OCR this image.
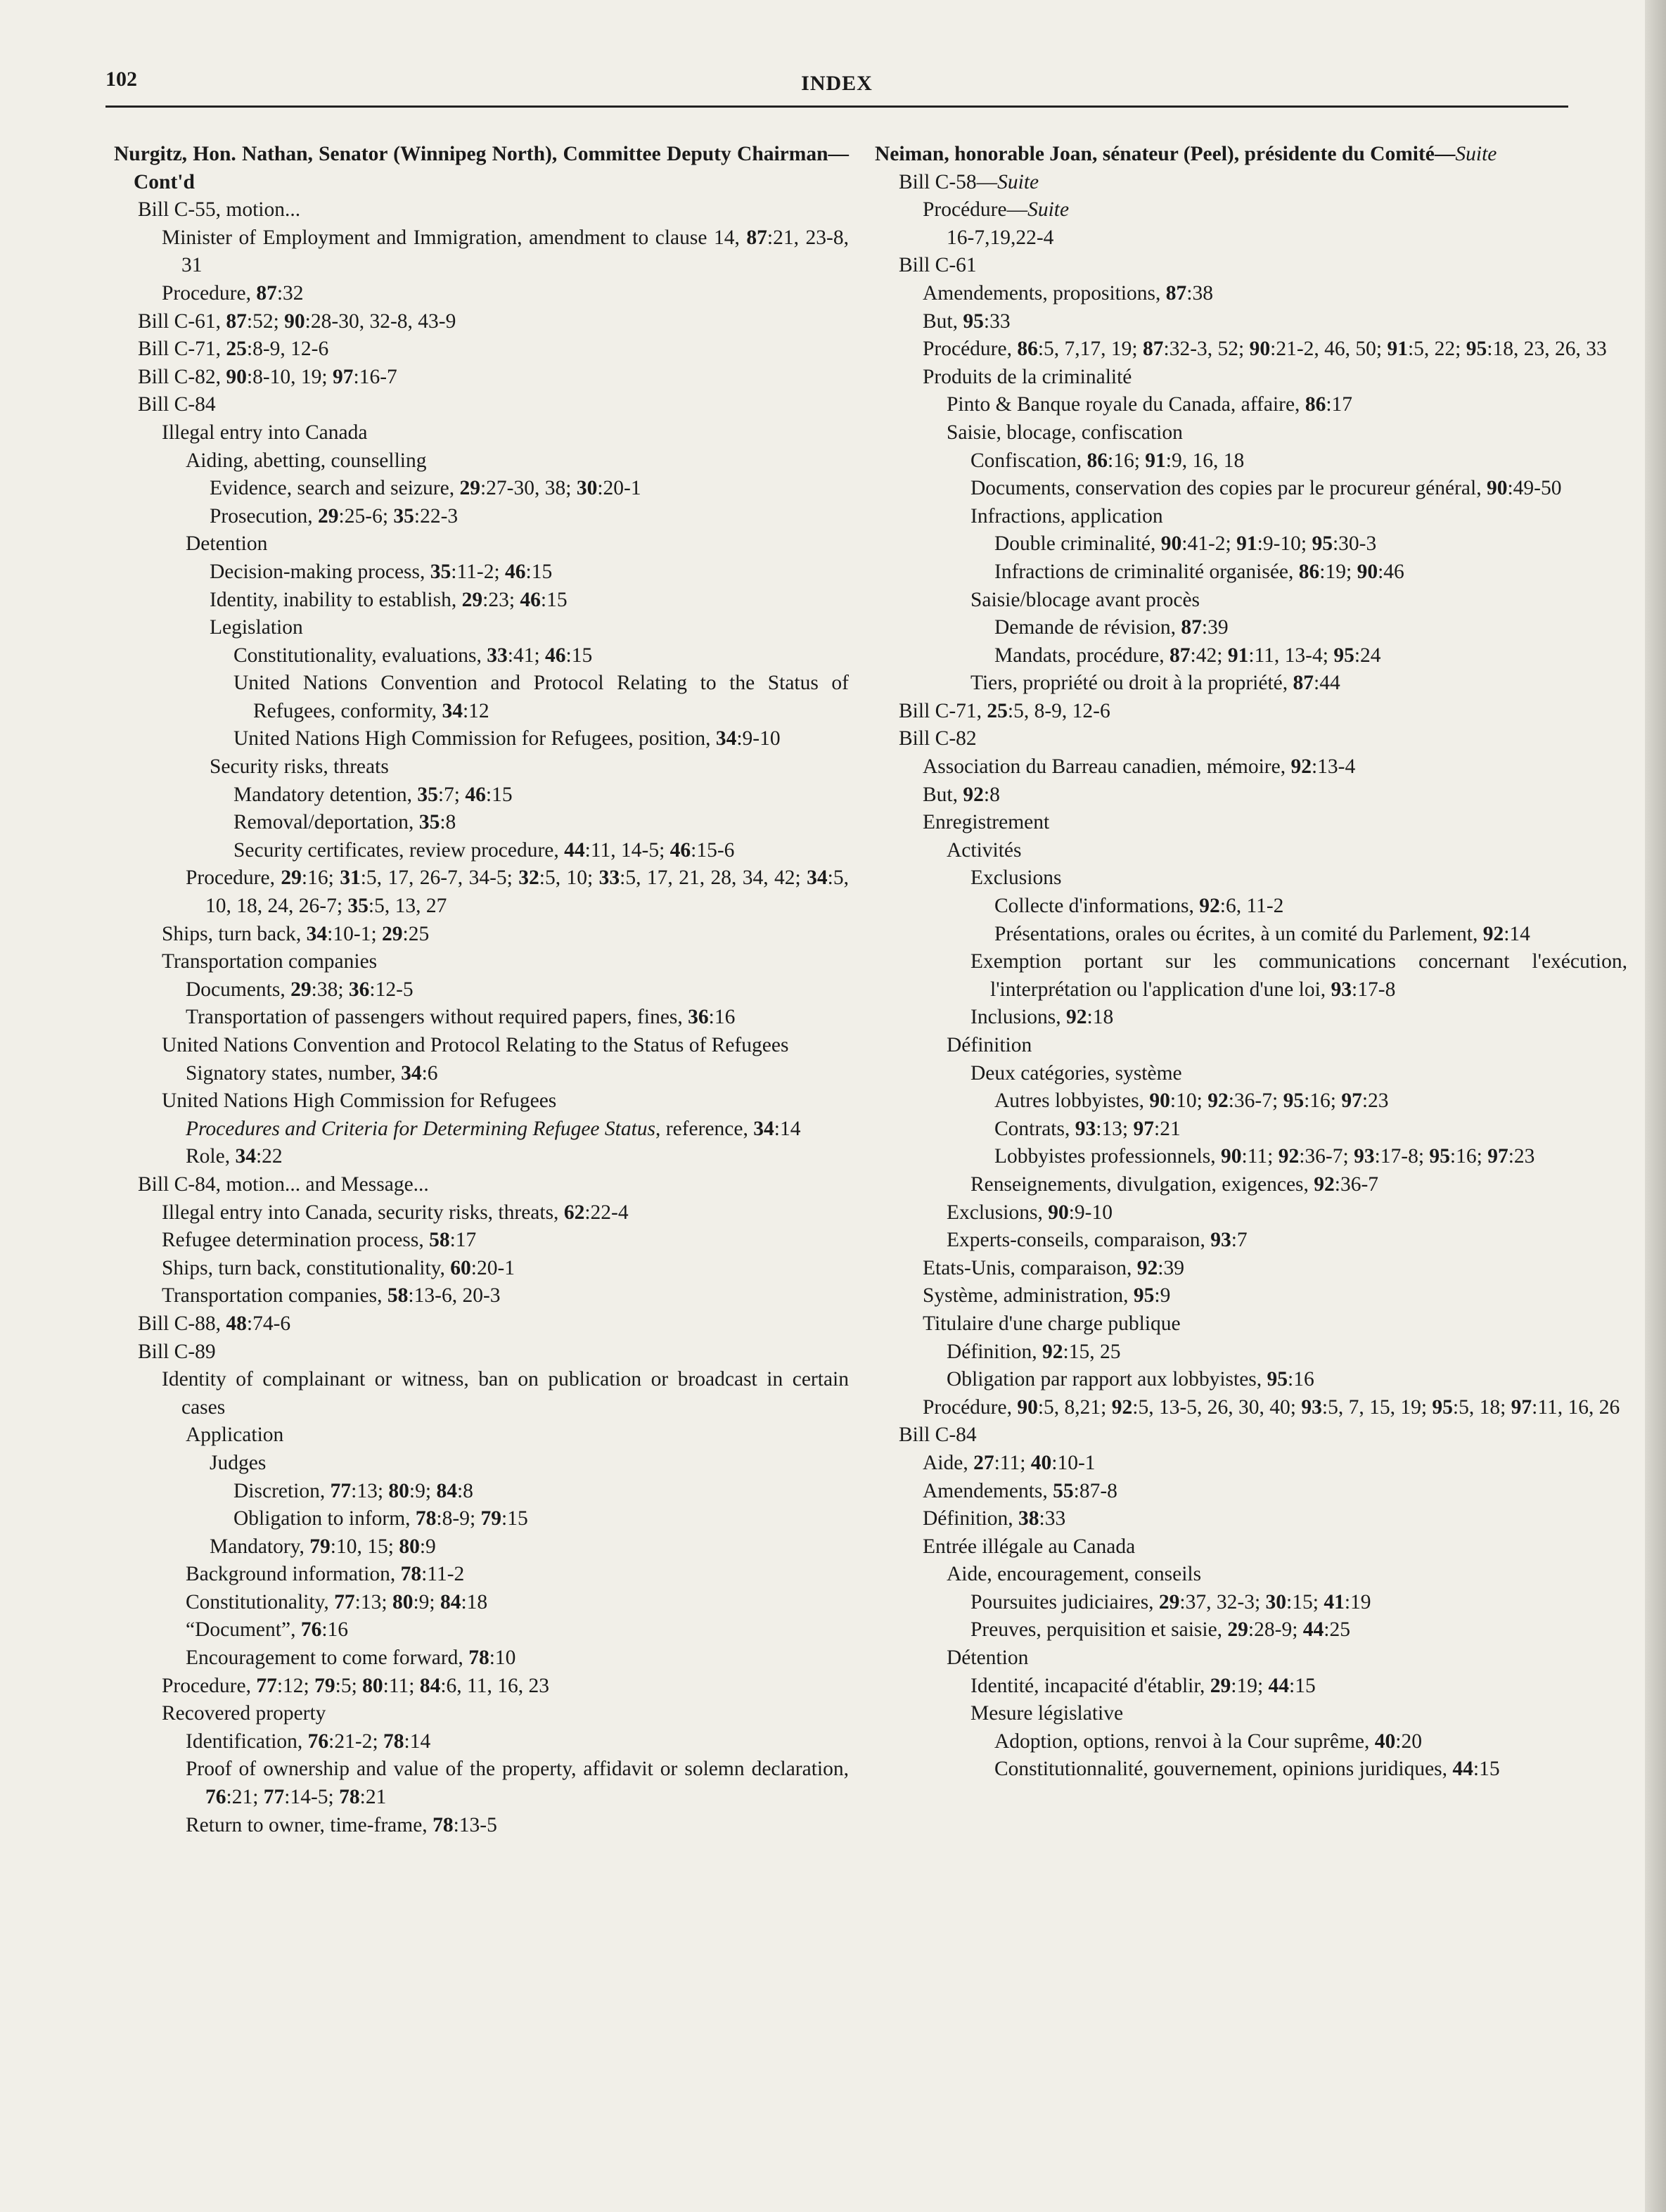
102	INDEX
Nurgitz, Hon. Nathan, Senator (Winnipeg North), Committee Deputy Chairman—Cont'd
Bill C-55, motion...
Minister of Employment and Immigration, amendment to clause 14, 87:21, 23-8, 31
Procedure, 87:32
Bill C-61, 87:52; 90:28-30, 32-8, 43-9
Bill C-71, 25:8-9, 12-6
Bill C-82, 90:8-10, 19; 97:16-7
Bill C-84
Illegal entry into Canada
Aiding, abetting, counselling
Evidence, search and seizure, 29:27-30, 38; 30:20-1
Prosecution, 29:25-6; 35:22-3
Detention
Decision-making process, 35:11-2; 46:15
Identity, inability to establish, 29:23; 46:15
Legislation
Constitutionality, evaluations, 33:41; 46:15
United Nations Convention and Protocol Relating to the Status of Refugees, conformity, 34:12
United Nations High Commission for Refugees, position, 34:9-10
Security risks, threats
Mandatory detention, 35:7; 46:15
Removal/deportation, 35:8
Security certificates, review procedure, 44:11, 14-5; 46:15-6
Procedure, 29:16; 31:5, 17, 26-7, 34-5; 32:5, 10; 33:5, 17, 21, 28, 34, 42; 34:5, 10, 18, 24, 26-7; 35:5, 13, 27
Ships, turn back, 34:10-1; 29:25
Transportation companies
Documents, 29:38; 36:12-5
Transportation of passengers without required papers, fines, 36:16
United Nations Convention and Protocol Relating to the Status of Refugees
Signatory states, number, 34:6
United Nations High Commission for Refugees
Procedures and Criteria for Determining Refugee Status, reference, 34:14
Role, 34:22
Bill C-84, motion... and Message...
Illegal entry into Canada, security risks, threats, 62:22-4
Refugee determination process, 58:17
Ships, turn back, constitutionality, 60:20-1
Transportation companies, 58:13-6, 20-3
Bill C-88, 48:74-6
Bill C-89
Identity of complainant or witness, ban on publication or broadcast in certain cases
Application
Judges
Discretion, 77:13; 80:9; 84:8
Obligation to inform, 78:8-9; 79:15
Mandatory, 79:10, 15; 80:9
Background information, 78:11-2
Constitutionality, 77:13; 80:9; 84:18
“Document”, 76:16
Encouragement to come forward, 78:10
Procedure, 77:12; 79:5; 80:11; 84:6, 11, 16, 23
Recovered property
Identification, 76:21-2; 78:14
Proof of ownership and value of the property, affidavit or solemn declaration, 76:21; 77:14-5; 78:21
Return to owner, time-frame, 78:13-5
Neiman, honorable Joan, sénateur (Peel), présidente du Comité—Suite
Bill C-58—Suite
Procédure—Suite
16-7,19,22-4
Bill C-61
Amendements, propositions, 87:38
But, 95:33
Procédure, 86:5, 7,17, 19; 87:32-3, 52; 90:21-2, 46, 50; 91:5, 22; 95:18, 23, 26, 33
Produits de la criminalité
Pinto & Banque royale du Canada, affaire, 86:17
Saisie, blocage, confiscation
Confiscation, 86:16; 91:9, 16, 18
Documents, conservation des copies par le procureur général, 90:49-50
Infractions, application
Double criminalité, 90:41-2; 91:9-10; 95:30-3
Infractions de criminalité organisée, 86:19; 90:46
Saisie/blocage avant procès
Demande de révision, 87:39
Mandats, procédure, 87:42; 91:11, 13-4; 95:24
Tiers, propriété ou droit à la propriété, 87:44
Bill C-71, 25:5, 8-9, 12-6
Bill C-82
Association du Barreau canadien, mémoire, 92:13-4
But, 92:8
Enregistrement
Activités
Exclusions
Collecte d'informations, 92:6, 11-2
Présentations, orales ou écrites, à un comité du Parlement, 92:14
Exemption portant sur les communications concernant l'exécution, l'interprétation ou l'application d'une loi, 93:17-8
Inclusions, 92:18
Définition
Deux catégories, système
Autres lobbyistes, 90:10; 92:36-7; 95:16; 97:23
Contrats, 93:13; 97:21
Lobbyistes professionnels, 90:11; 92:36-7; 93:17-8; 95:16; 97:23
Renseignements, divulgation, exigences, 92:36-7
Exclusions, 90:9-10
Experts-conseils, comparaison, 93:7
Etats-Unis, comparaison, 92:39
Système, administration, 95:9
Titulaire d'une charge publique
Définition, 92:15, 25
Obligation par rapport aux lobbyistes, 95:16
Procédure, 90:5, 8,21; 92:5, 13-5, 26, 30, 40; 93:5, 7, 15, 19; 95:5, 18; 97:11, 16, 26
Bill C-84
Aide, 27:11; 40:10-1
Amendements, 55:87-8
Définition, 38:33
Entrée illégale au Canada
Aide, encouragement, conseils
Poursuites judiciaires, 29:37, 32-3; 30:15; 41:19
Preuves, perquisition et saisie, 29:28-9; 44:25
Détention
Identité, incapacité d'établir, 29:19; 44:15
Mesure législative
Adoption, options, renvoi à la Cour suprême, 40:20
Constitutionnalité, gouvernement, opinions juridiques, 44:15
